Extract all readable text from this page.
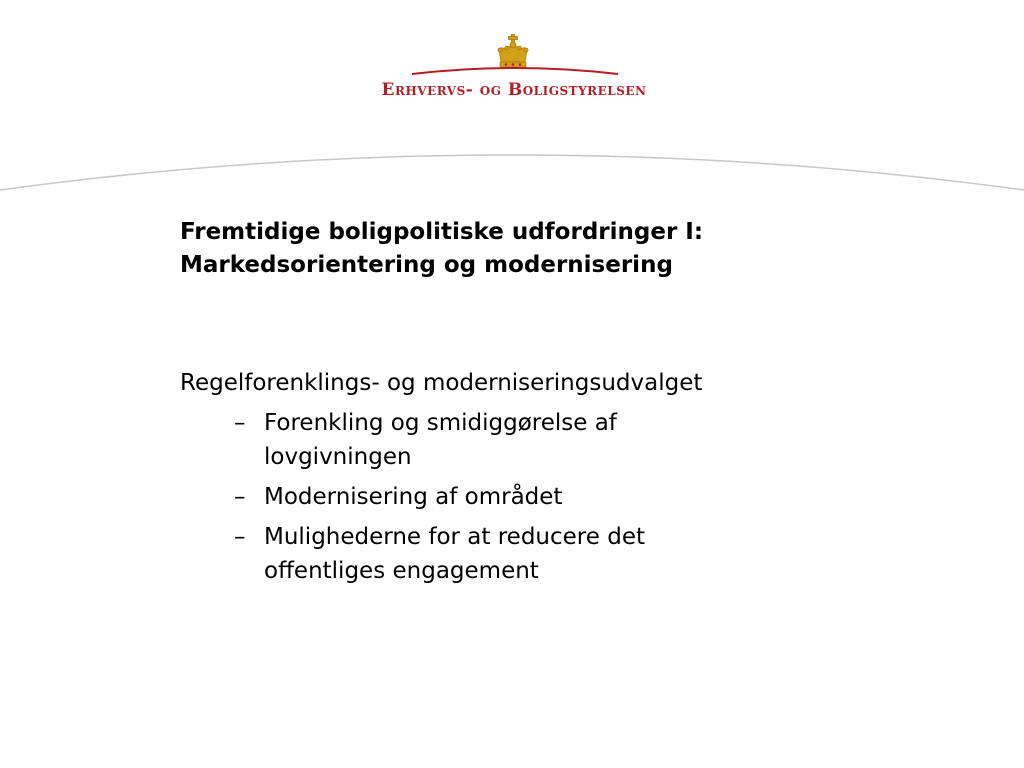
Erhvervs- og Boligstyrelsen
Fremtidige boligpolitiske udfordringer I:
Markedsorientering og modernisering
Regelforenklings- og moderniseringsudvalget
– Forenkling og smidiggørelse af lovgivningen
– Modernisering af området
– Mulighederne for at reducere det offentliges engagement
